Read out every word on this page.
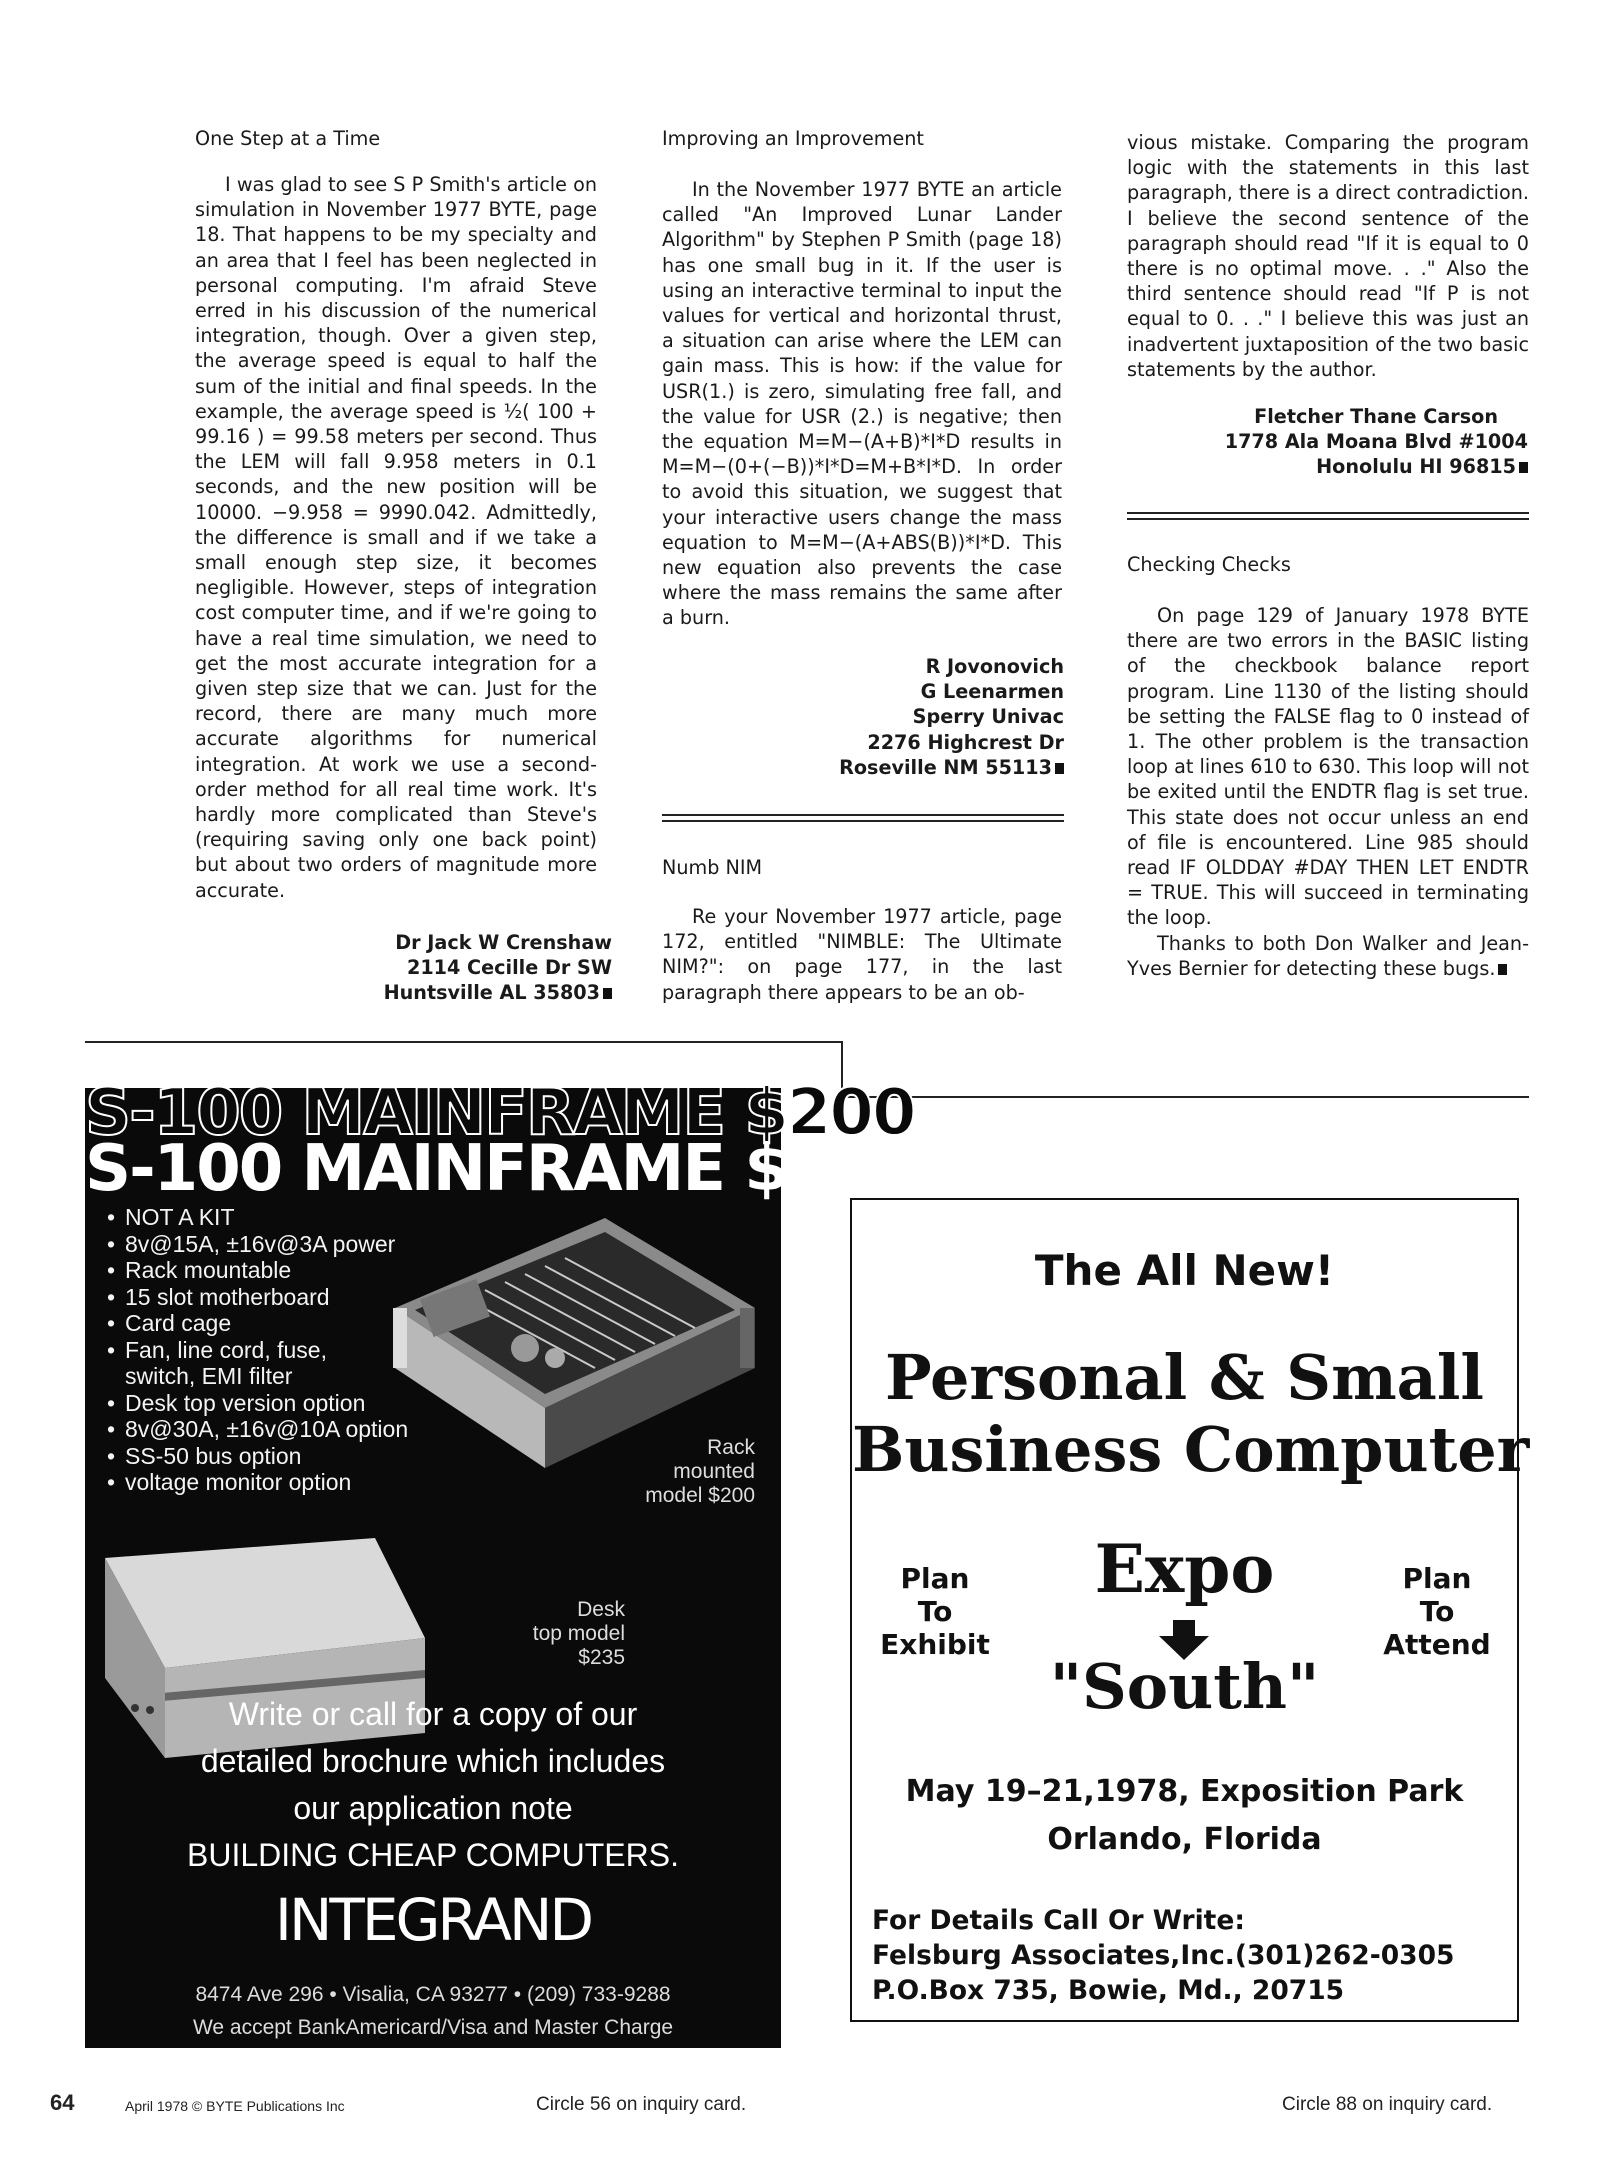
One Step at a Time

I was glad to see S P Smith's article on simulation in November 1977 BYTE, page 18. That happens to be my specialty and an area that I feel has been neglected in personal computing. I'm afraid Steve erred in his discussion of the numerical integration, though. Over a given step, the average speed is equal to half the sum of the initial and final speeds. In the example, the average speed is ½( 100 + 99.16 ) = 99.58 meters per second. Thus the LEM will fall 9.958 meters in 0.1 seconds, and the new position will be 10000. −9.958 = 9990.042. Admittedly, the difference is small and if we take a small enough step size, it becomes negligible. However, steps of integration cost computer time, and if we're going to have a real time simulation, we need to get the most accurate integration for a given step size that we can. Just for the record, there are many much more accurate algorithms for numerical integration. At work we use a second-order method for all real time work. It's hardly more complicated than Steve's (requiring saving only one back point) but about two orders of magnitude more accurate.

Dr Jack W Crenshaw
2114 Cecille Dr SW
Huntsville AL 35803
Improving an Improvement

In the November 1977 BYTE an article called "An Improved Lunar Lander Algorithm" by Stephen P Smith (page 18) has one small bug in it. If the user is using an interactive terminal to input the values for vertical and horizontal thrust, a situation can arise where the LEM can gain mass. This is how: if the value for USR(1.) is zero, simulating free fall, and the value for USR (2.) is negative; then the equation M=M−(A+B)*I*D results in M=M−(0+(−B))*I*D=M+B*I*D. In order to avoid this situation, we suggest that your interactive users change the mass equation to M=M−(A+ABS(B))*I*D. This new equation also prevents the case where the mass remains the same after a burn.

R Jovonovich
G Leenarmen
Sperry Univac
2276 Highcrest Dr
Roseville NM 55113
Numb NIM

Re your November 1977 article, page 172, entitled "NIMBLE: The Ultimate NIM?": on page 177, in the last paragraph there appears to be an ob-

vious mistake. Comparing the program logic with the statements in this last paragraph, there is a direct contradiction. I believe the second sentence of the paragraph should read "If it is equal to 0 there is no optimal move. . ." Also the third sentence should read "If P is not equal to 0. . ." I believe this was just an inadvertent juxtaposition of the two basic statements by the author.

Fletcher Thane Carson
1778 Ala Moana Blvd #1004
Honolulu HI 96815
Checking Checks

On page 129 of January 1978 BYTE there are two errors in the BASIC listing of the checkbook balance report program. Line 1130 of the listing should be setting the FALSE flag to 0 instead of 1. The other problem is the transaction loop at lines 610 to 630. This loop will not be exited until the ENDTR flag is set true. This state does not occur unless an end of file is encountered. Line 985 should read IF OLDDAY #DAY THEN LET ENDTR = TRUE. This will succeed in terminating the loop.

Thanks to both Don Walker and Jean-Yves Bernier for detecting these bugs.

S-100 MAINFRAME $200
S-100 MAINFRAME $200
• NOT A KIT
• 8v@15A, ±16v@3A power
• Rack mountable
• 15 slot motherboard
• Card cage
• Fan, line cord, fuse,
switch, EMI filter
• Desk top version option
• 8v@30A, ±16v@10A option
• SS-50 bus option
• voltage monitor option
Rack
mounted
model $200
Desk
top model
$235
Write or call for a copy of our
detailed brochure which includes
our application note
BUILDING CHEAP COMPUTERS.
INTEGRAND
8474 Ave 296 • Visalia, CA 93277 • (209) 733-9288
We accept BankAmericard/Visa and Master Charge
The All New!
Personal & Small
Business Computer
Plan
To
Exhibit
Plan
To
Attend
Expo
"South"
May 19–21,1978, Exposition Park
Orlando, Florida
For Details Call Or Write:
Felsburg Associates,Inc.(301)262-0305
P.O.Box 735, Bowie, Md., 20715
64	April 1978 © BYTE Publications Inc	Circle 56 on inquiry card.	Circle 88 on inquiry card.
